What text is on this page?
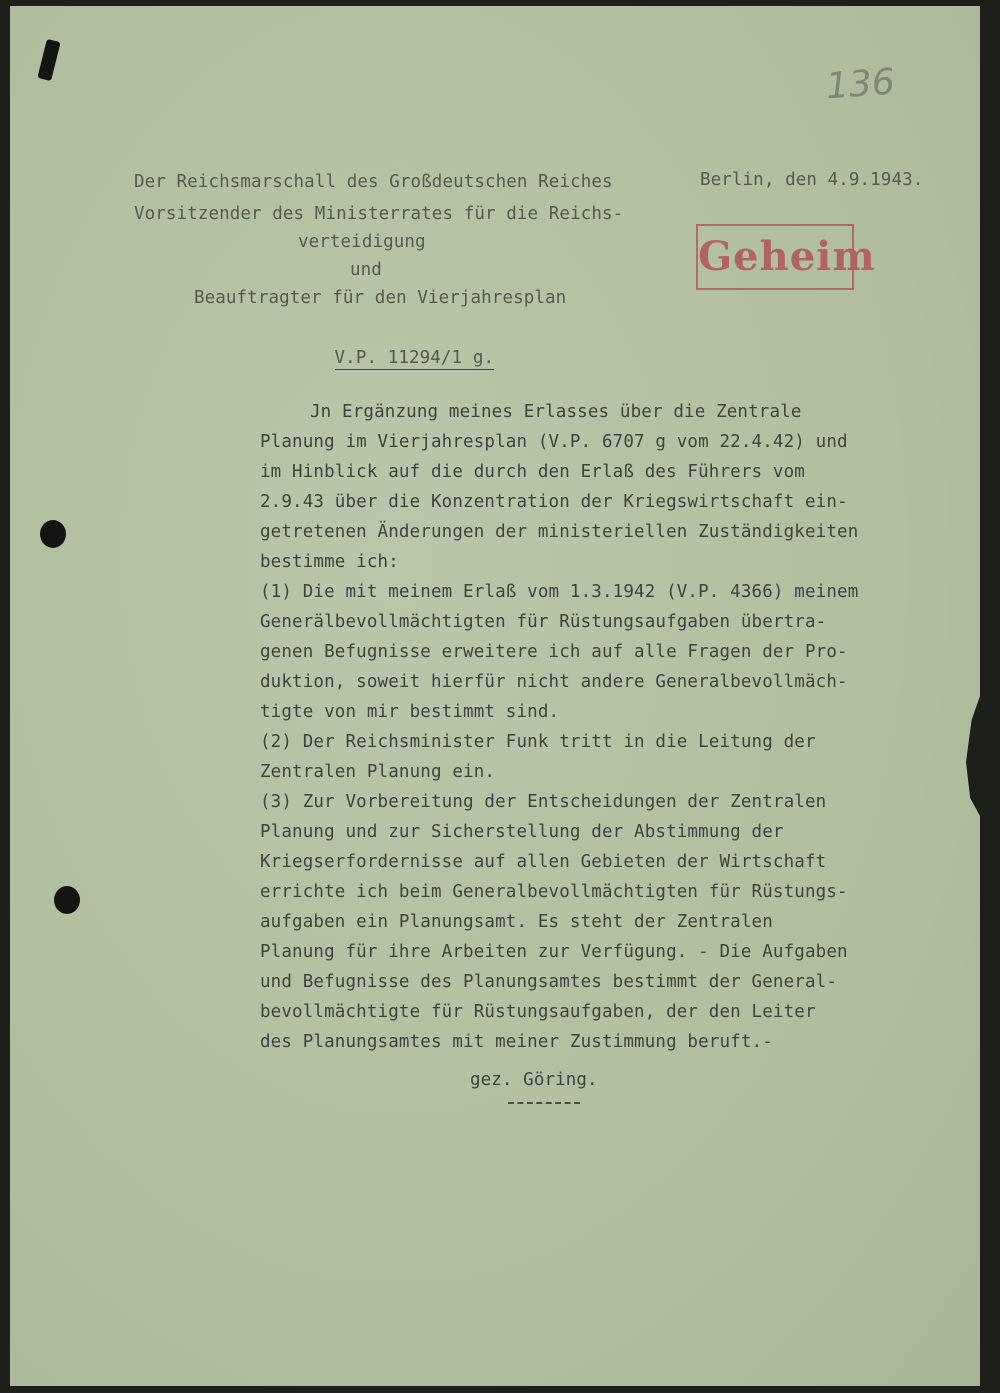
136
Der Reichsmarschall des Großdeutschen Reiches
Vorsitzender des Ministerrates für die Reichs-
verteidigung
und
Beauftragter für den Vierjahresplan

V.P. 11294/1 g.

Berlin, den 4.9.1943.
Geheim
Jn Ergänzung meines Erlasses über die Zentrale
Planung im Vierjahresplan (V.P. 6707 g vom 22.4.42) und
im Hinblick auf die durch den Erlaß des Führers vom
2.9.43 über die Konzentration der Kriegswirtschaft ein-
getretenen Änderungen der ministeriellen Zuständigkeiten
bestimme ich:
(1) Die mit meinem Erlaß vom 1.3.1942 (V.P. 4366) meinem
Generälbevollmächtigten für Rüstungsaufgaben übertra-
genen Befugnisse erweitere ich auf alle Fragen der Pro-
duktion, soweit hierfür nicht andere Generalbevollmäch-
tigte von mir bestimmt sind.
(2) Der Reichsminister Funk tritt in die Leitung der
Zentralen Planung ein.
(3) Zur Vorbereitung der Entscheidungen der Zentralen
Planung und zur Sicherstellung der Abstimmung der
Kriegserfordernisse auf allen Gebieten der Wirtschaft
errichte ich beim Generalbevollmächtigten für Rüstungs-
aufgaben ein Planungsamt. Es steht der Zentralen
Planung für ihre Arbeiten zur Verfügung. - Die Aufgaben
und Befugnisse des Planungsamtes bestimmt der General-
bevollmächtigte für Rüstungsaufgaben, der den Leiter
des Planungsamtes mit meiner Zustimmung beruft.-
gez. Göring.
